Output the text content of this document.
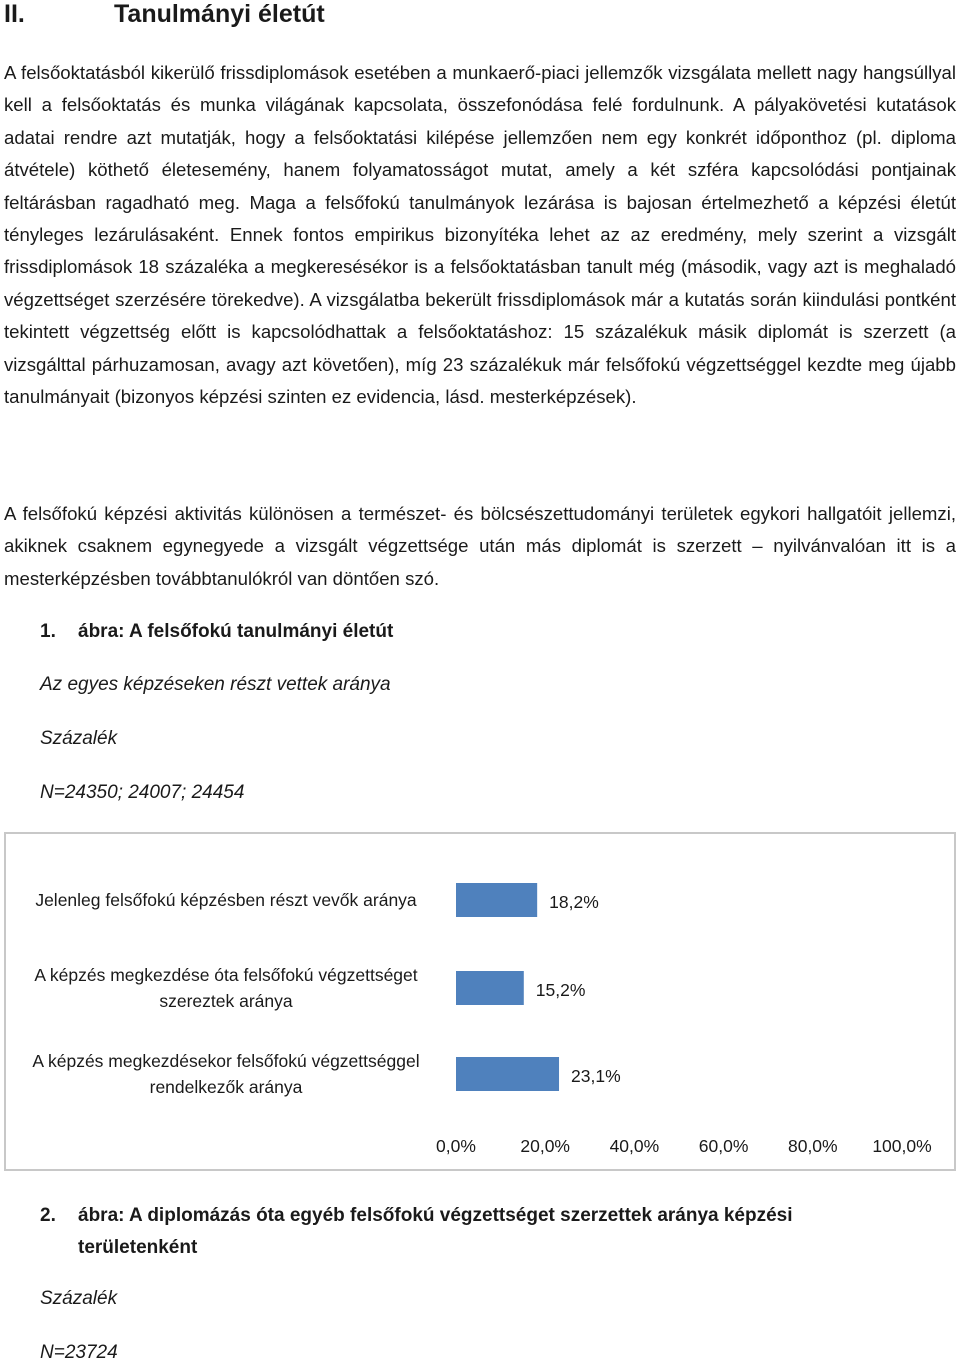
II.	Tanulmányi életút

A felsőoktatásból kikerülő frissdiplomások esetében a munkaerő-piaci jellemzők vizsgálata mellett nagy hangsúllyal kell a felsőoktatás és munka világának kapcsolata, összefonódása felé fordulnunk. A pályakövetési kutatások adatai rendre azt mutatják, hogy a felsőoktatási kilépése jellemzően nem egy konkrét időponthoz (pl. diploma átvétele) köthető életesemény, hanem folyamatosságot mutat, amely a két szféra kapcsolódási pontjainak feltárásban ragadható meg. Maga a felsőfokú tanulmányok lezárása is bajosan értelmezhető a képzési életút tényleges lezárulásaként. Ennek fontos empirikus bizonyítéka lehet az az eredmény, mely szerint a vizsgált frissdiplomások 18 százaléka a megkeresésékor is a felsőoktatásban tanult még (második, vagy azt is meghaladó végzettséget szerzésére törekedve). A vizsgálatba bekerült frissdiplomások már a kutatás során kiindulási pontként tekintett végzettség előtt is kapcsolódhattak a felsőoktatáshoz: 15 százalékuk másik diplomát is szerzett (a vizsgálttal párhuzamosan, avagy azt követően), míg 23 százalékuk már felsőfokú végzettséggel kezdte meg újabb tanulmányait (bizonyos képzési szinten ez evidencia, lásd. mesterképzések).

A felsőfokú képzési aktivitás különösen a természet- és bölcsészettudományi területek egykori hallgatóit jellemzi, akiknek csaknem egynegyede a vizsgált végzettsége után más diplomát is szerzett – nyilvánvalóan itt is a mesterképzésben továbbtanulókról van döntően szó.

1. ábra: A felsőfokú tanulmányi életút
Az egyes képzéseken részt vettek aránya
Százalék
N=24350; 24007; 24454
Jelenleg felsőfokú képzésben részt vevők aránya	18,2%
A képzés megkezdése óta felsőfokú végzettséget
szereztek aránya
15,2%
A képzés megkezdésekor felsőfokú végzettséggel
rendelkezők aránya
23,1%
0,0%	20,0% 40,0% 60,0% 80,0% 100,0%
2. ábra: A diplomázás óta egyéb felsőfokú végzettséget szerzettek aránya képzési területenként
Százalék
N=23724
